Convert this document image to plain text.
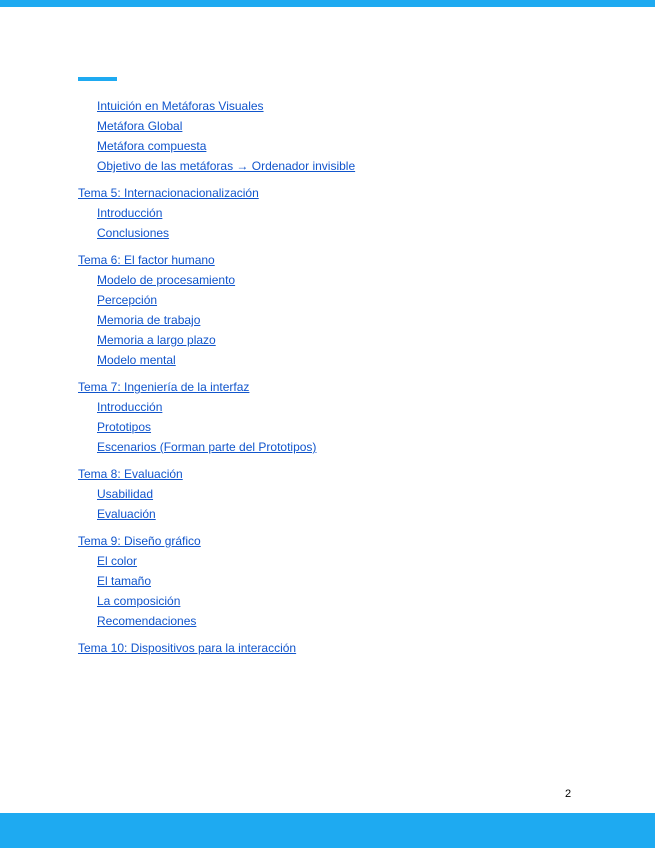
Intuición en Metáforas Visuales
Metáfora Global
Metáfora compuesta
Objetivo de las metáforas → Ordenador invisible
Tema 5: Internacionacionalización
Introducción
Conclusiones
Tema 6: El factor humano
Modelo de procesamiento
Percepción
Memoria de trabajo
Memoria a largo plazo
Modelo mental
Tema 7: Ingeniería de la interfaz
Introducción
Prototipos
Escenarios (Forman parte del Prototipos)
Tema 8: Evaluación
Usabilidad
Evaluación
Tema 9: Diseño gráfico
El color
El tamaño
La composición
Recomendaciones
Tema 10: Dispositivos para la interacción
2
